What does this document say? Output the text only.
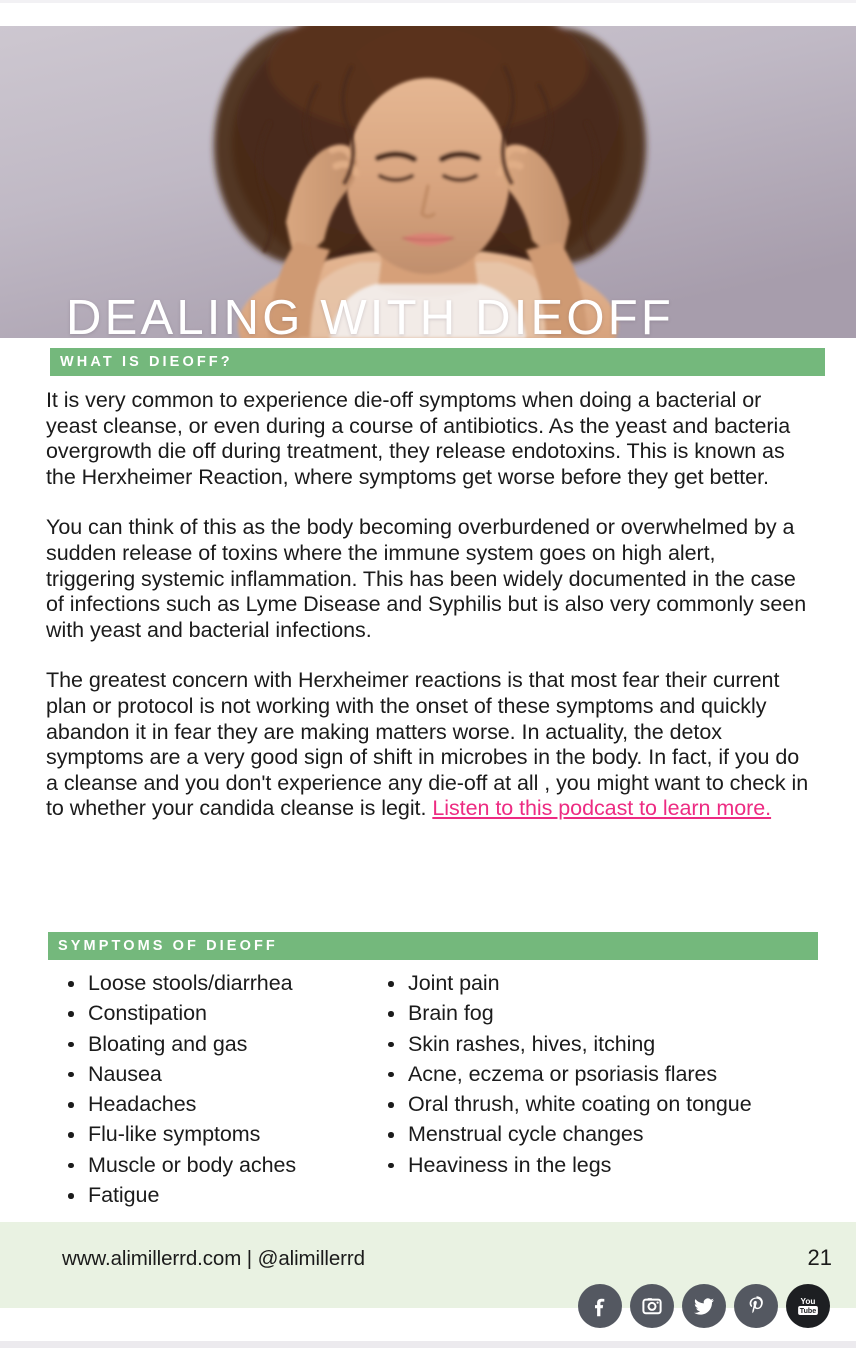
DEALING WITH DIEOFF
WHAT IS DIEOFF?

It is very common to experience die-off symptoms when doing a bacterial or yeast cleanse, or even during a course of antibiotics. As the yeast and bacteria overgrowth die off during treatment, they release endotoxins. This is known as the Herxheimer Reaction, where symptoms get worse before they get better.

You can think of this as the body becoming overburdened or overwhelmed by a sudden release of toxins where the immune system goes on high alert, triggering systemic inflammation. This has been widely documented in the case of infections such as Lyme Disease and Syphilis but is also very commonly seen with yeast and bacterial infections.

The greatest concern with Herxheimer reactions is that most fear their current plan or protocol is not working with the onset of these symptoms and quickly abandon it in fear they are making matters worse. In actuality, the detox symptoms are a very good sign of shift in microbes in the body. In fact, if you do a cleanse and you don't experience any die-off at all , you might want to check in to whether your candida cleanse is legit. Listen to this podcast to learn more.

SYMPTOMS OF DIEOFF
Loose stools/diarrhea
Constipation
Bloating and gas
Nausea
Headaches
Flu-like symptoms
Muscle or body aches
Fatigue
Joint pain
Brain fog
Skin rashes, hives, itching
Acne, eczema or psoriasis flares
Oral thrush, white coating on tongue
Menstrual cycle changes
Heaviness in the legs
www.alimillerrd.com | @alimillerrd	21
You
Tube
